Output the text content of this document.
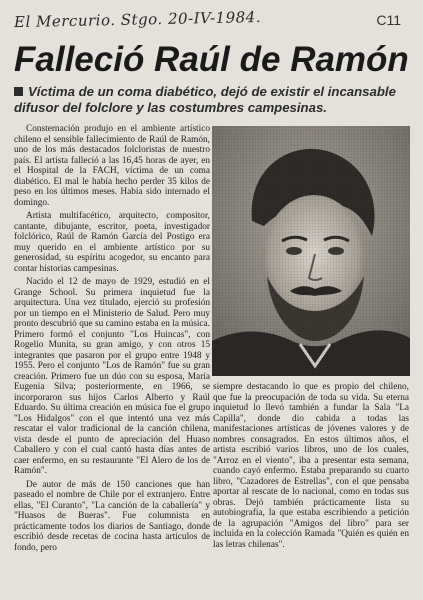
El Mercurio. Stgo. 20-IV-1984.	C11
Falleció Raúl de Ramón
Víctima de un coma diabético, dejó de existir el incansable difusor del folclore y las costumbres campesinas.

Consternación produjo en el ambiente artístico chileno el sensible fallecimiento de Raúl de Ramón, uno de los más destacados folcloristas de nuestro país. El artista falleció a las 16,45 horas de ayer, en el Hospital de la FACH, víctima de un coma diabético. El mal le había hecho perder 35 kilos de peso en los últimos meses. Había sido internado el domingo.

Artista multifacético, arquitecto, compositor, cantante, dibujante, escritor, poeta, investigador folclórico, Raúl de Ramón García del Postigo era muy querido en el ambiente artístico por su generosidad, su espíritu acogedor, su encanto para contar historias campesinas.

Nacido el 12 de mayo de 1929, estudió en el Grange School. Su primera inquietud fue la arquitectura. Una vez titulado, ejerció su profesión por un tiempo en el Ministerio de Salud. Pero muy pronto descubrió que su camino estaba en la música. Primero formó el conjunto "Los Huincas", con Rogelio Munita, su gran amigo, y con otros 15 integrantes que pasaron por el grupo entre 1948 y 1955. Pero el conjunto "Los de Ramón" fue su gran creación. Primero fue un dúo con su esposa, María Eugenia Silva; posteriormente, en 1966, se incorporaron sus hijos Carlos Alberto y Raúl Eduardo. Su última creación en música fue el grupo "Los Hidalgos" con el que intentó una vez más rescatar el valor tradicional de la canción chilena, vista desde el punto de apreciación del Huaso Caballero y con el cual cantó hasta días antes de caer enfermo, en su restaurante "El Alero de los de Ramón".

De autor de más de 150 canciones que han paseado el nombre de Chile por el extranjero. Entre ellas, "El Curanto", "La canción de la caballería" y "Huasos de Bueras". Fue columnista en prácticamente todos los diarios de Santiago, donde escribió desde recetas de cocina hasta artículos de fondo, pero

siempre destacando lo que es propio del chileno, que fue la preocupación de toda su vida. Su eterna inquietud lo llevó también a fundar la Sala "La Capilla", donde dio cabida a todas las manifestaciones artísticas de jóvenes valores y de nombres consagrados. En estos últimos años, el artista escribió varios libros, uno de los cuales, "Arroz en el viento", iba a presentar esta semana, cuando cayó enfermo. Estaba preparando su cuarto libro, "Cazadores de Estrellas", con el que pensaba aportar al rescate de lo nacional, como en todas sus obras. Dejó también prácticamente lista su autobiografía, la que estaba escribiendo a petición de la agrupación "Amigos del libro" para ser incluida en la colección Ramada "Quién es quién en las letras chilenas".
